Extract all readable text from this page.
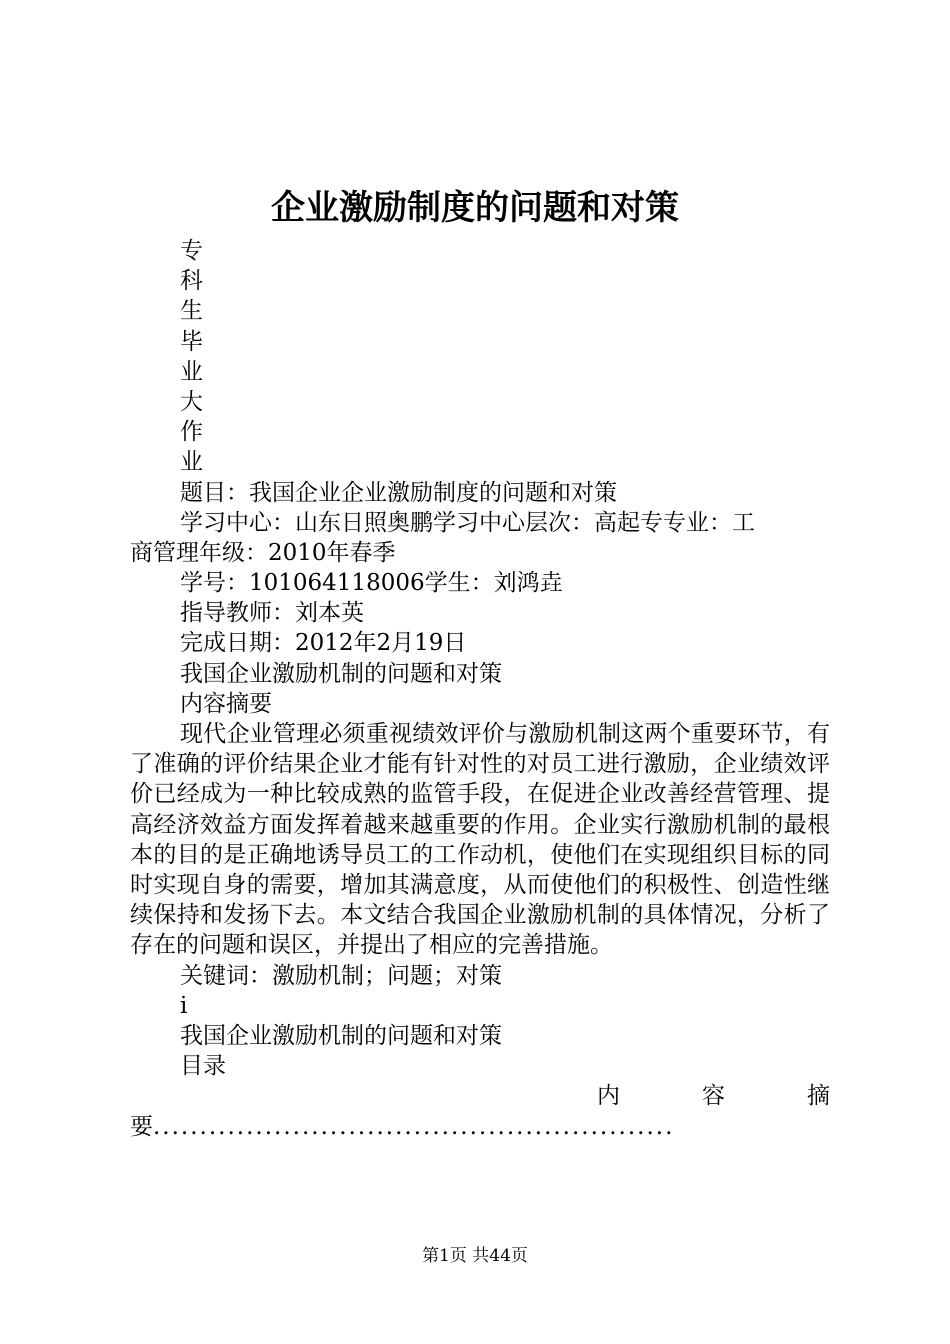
企业激励制度的问题和对策
专
科
生
毕
业
大
作
业
题目：我国企业企业激励制度的问题和对策
学习中心：山东日照奥鹏学习中心层次：高起专专业：工
商管理年级：2010年春季
学号：101064118006学生：刘鸿垚
指导教师：刘本英
完成日期：2012年2月19日
我国企业激励机制的问题和对策
内容摘要
现代企业管理必须重视绩效评价与激励机制这两个重要环节，有了准确的评价结果企业才能有针对性的对员工进行激励，企业绩效评价已经成为一种比较成熟的监管手段，在促进企业改善经营管理、提高经济效益方面发挥着越来越重要的作用。企业实行激励机制的最根本的目的是正确地诱导员工的工作动机，使他们在实现组织目标的同时实现自身的需要，增加其满意度，从而使他们的积极性、创造性继续保持和发扬下去。本文结合我国企业激励机制的具体情况，分析了存在的问题和误区，并提出了相应的完善措施。
关键词：激励机制；问题；对策
i
我国企业激励机制的问题和对策
目录
内	容	摘
要........................................................
第1页 共44页
